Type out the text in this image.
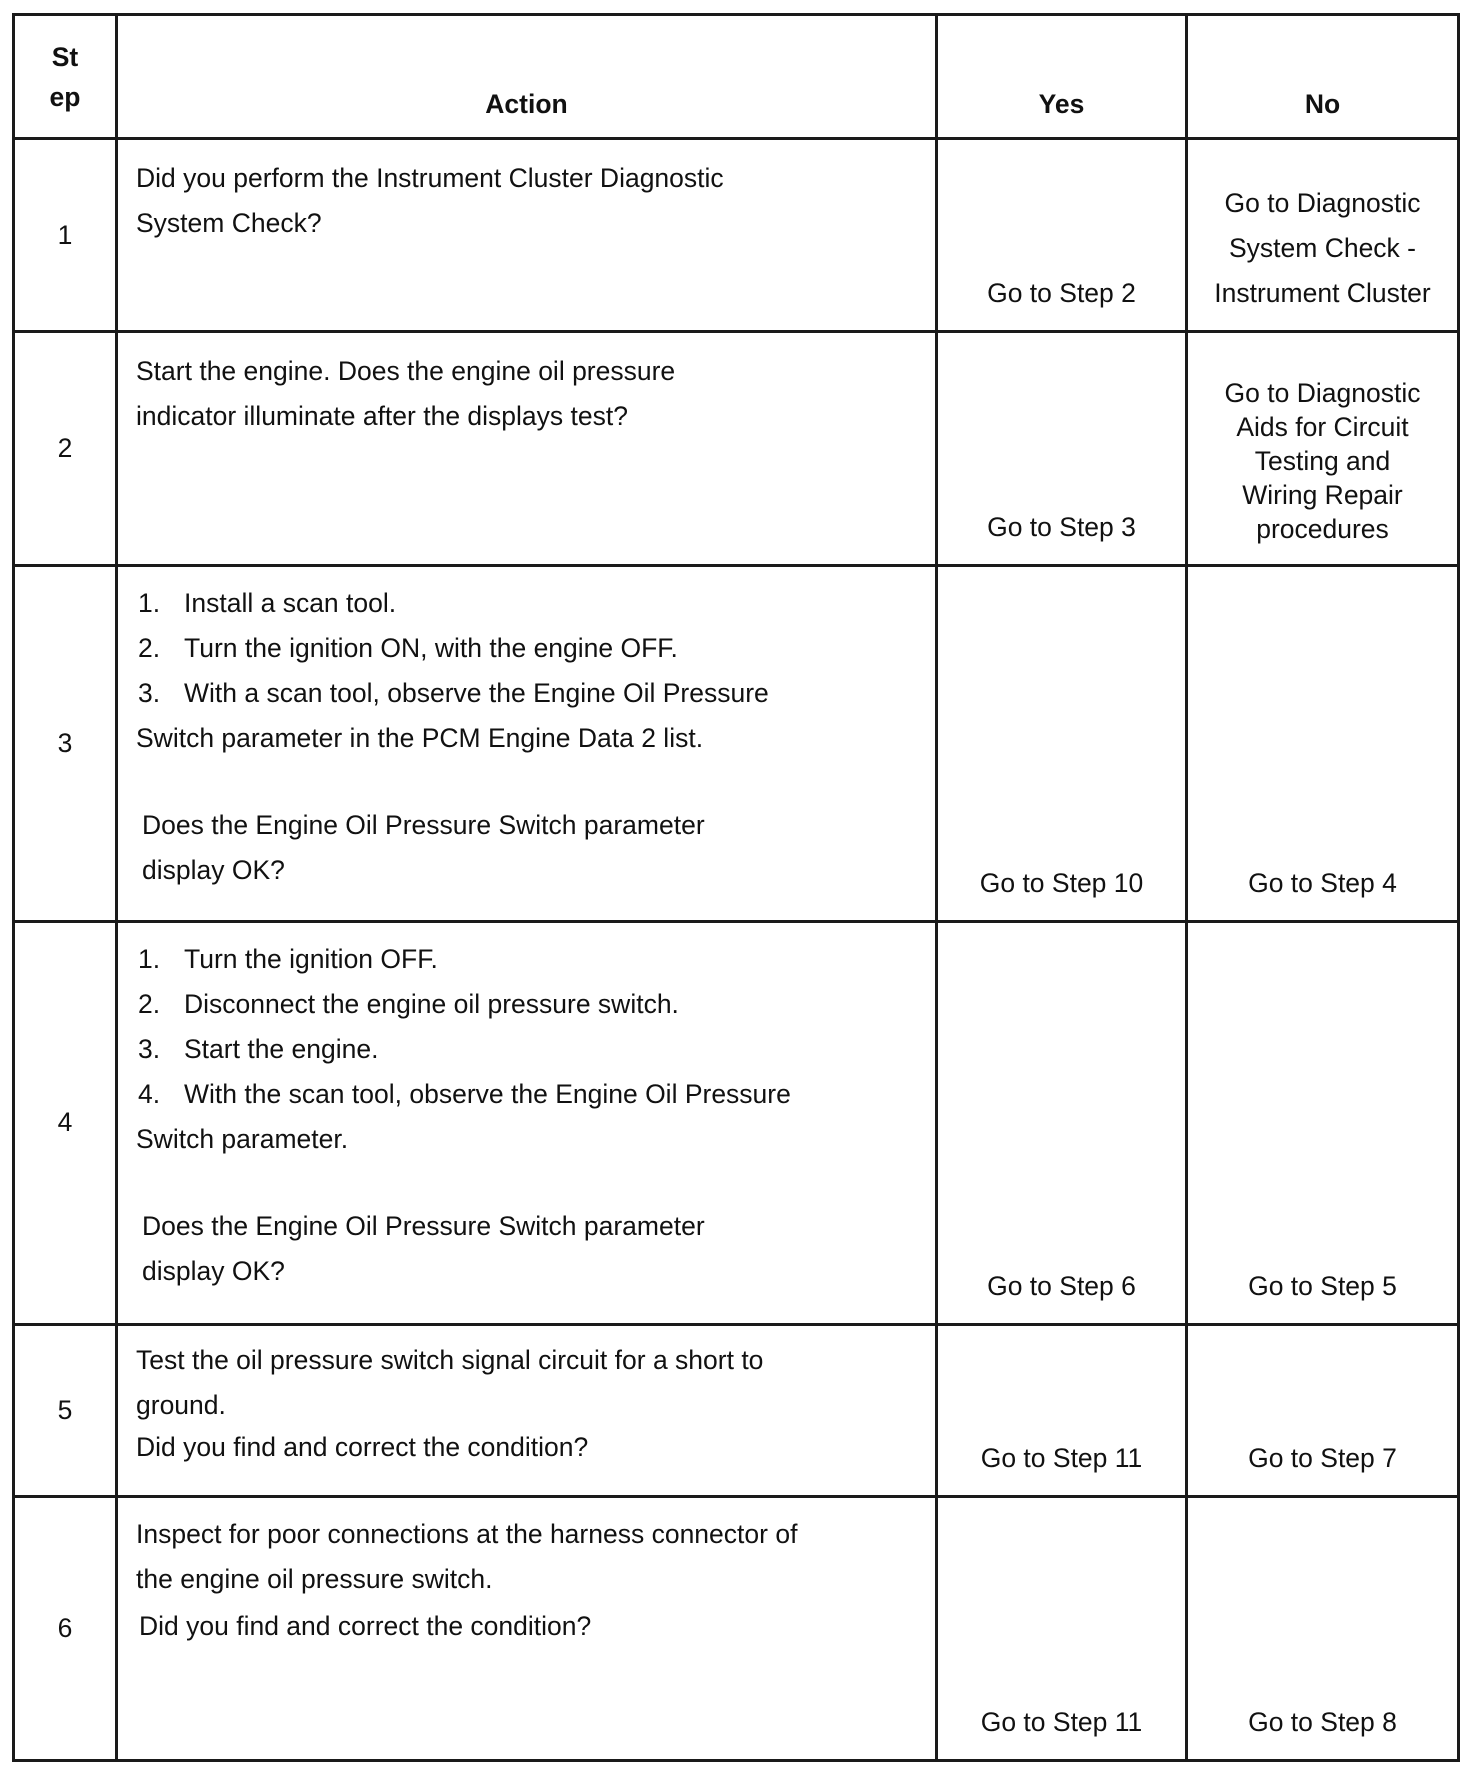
St
ep	Action	Yes	No
1	Did you perform the Instrument Cluster Diagnostic System Check?	Go to Step 2	Go to Diagnostic System Check - Instrument Cluster
2	Start the engine. Does the engine oil pressure indicator illuminate after the displays test?	Go to Step 3	Go to Diagnostic Aids for Circuit Testing and Wiring Repair procedures
3	1. Install a scan tool.
2. Turn the ignition ON, with the engine OFF.
3. With a scan tool, observe the Engine Oil Pressure Switch parameter in the PCM Engine Data 2 list.
Does the Engine Oil Pressure Switch parameter display OK?	Go to Step 10	Go to Step 4
4	1. Turn the ignition OFF.
2. Disconnect the engine oil pressure switch.
3. Start the engine.
4. With the scan tool, observe the Engine Oil Pressure Switch parameter.
Does the Engine Oil Pressure Switch parameter display OK?	Go to Step 6	Go to Step 5
5	Test the oil pressure switch signal circuit for a short to ground.
Did you find and correct the condition?	Go to Step 11	Go to Step 7
6	Inspect for poor connections at the harness connector of the engine oil pressure switch.
Did you find and correct the condition?	Go to Step 11	Go to Step 8
